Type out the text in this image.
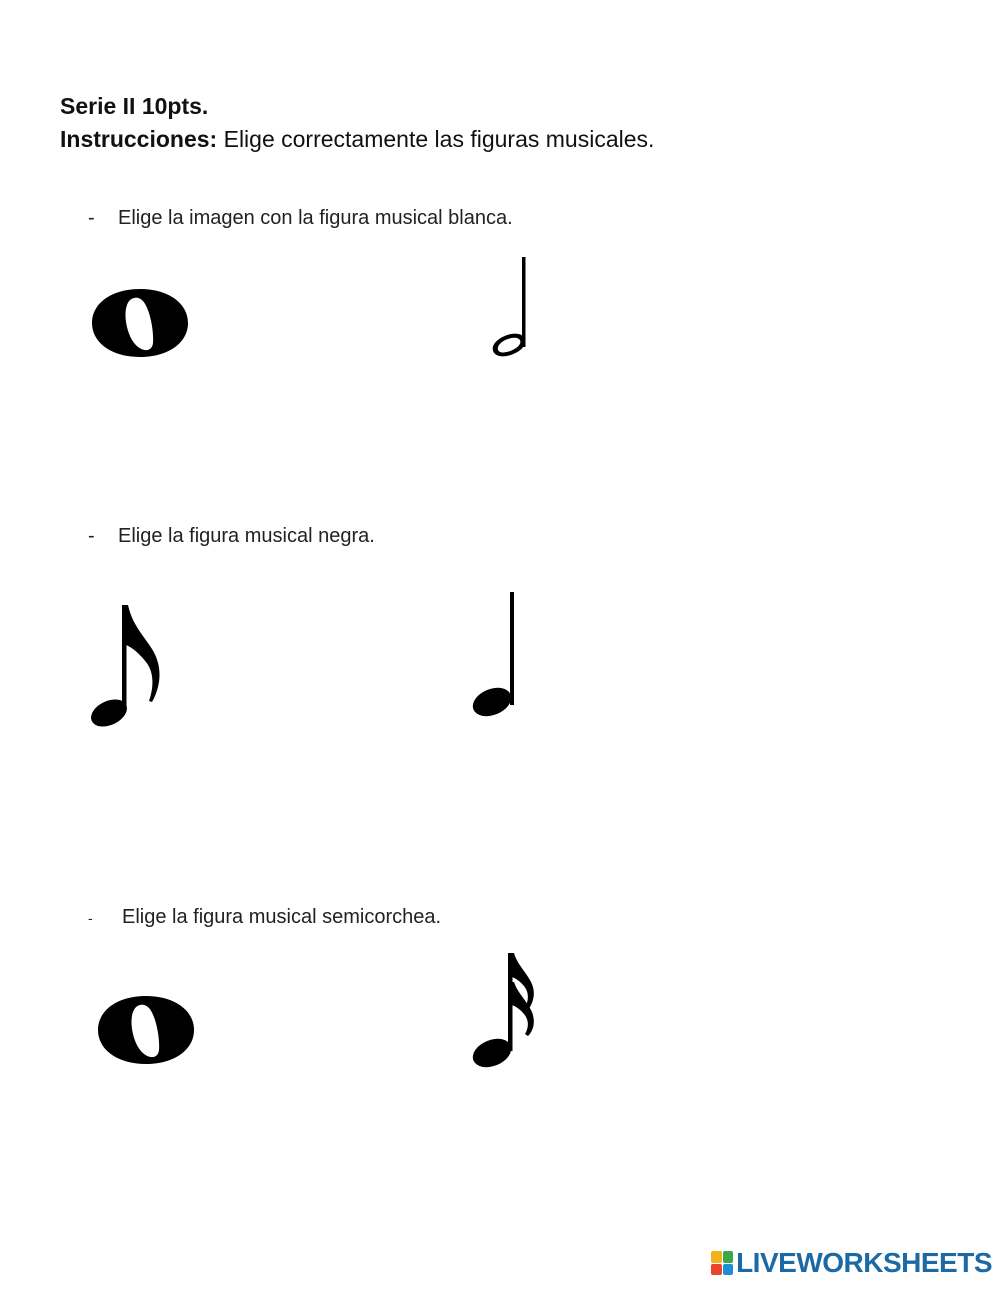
Serie II 10pts.
Instrucciones: Elige correctamente las figuras musicales.
- Elige la imagen con la figura musical blanca.
- Elige la figura musical negra.
- Elige la figura musical semicorchea.
LIVEWORKSHEETS
